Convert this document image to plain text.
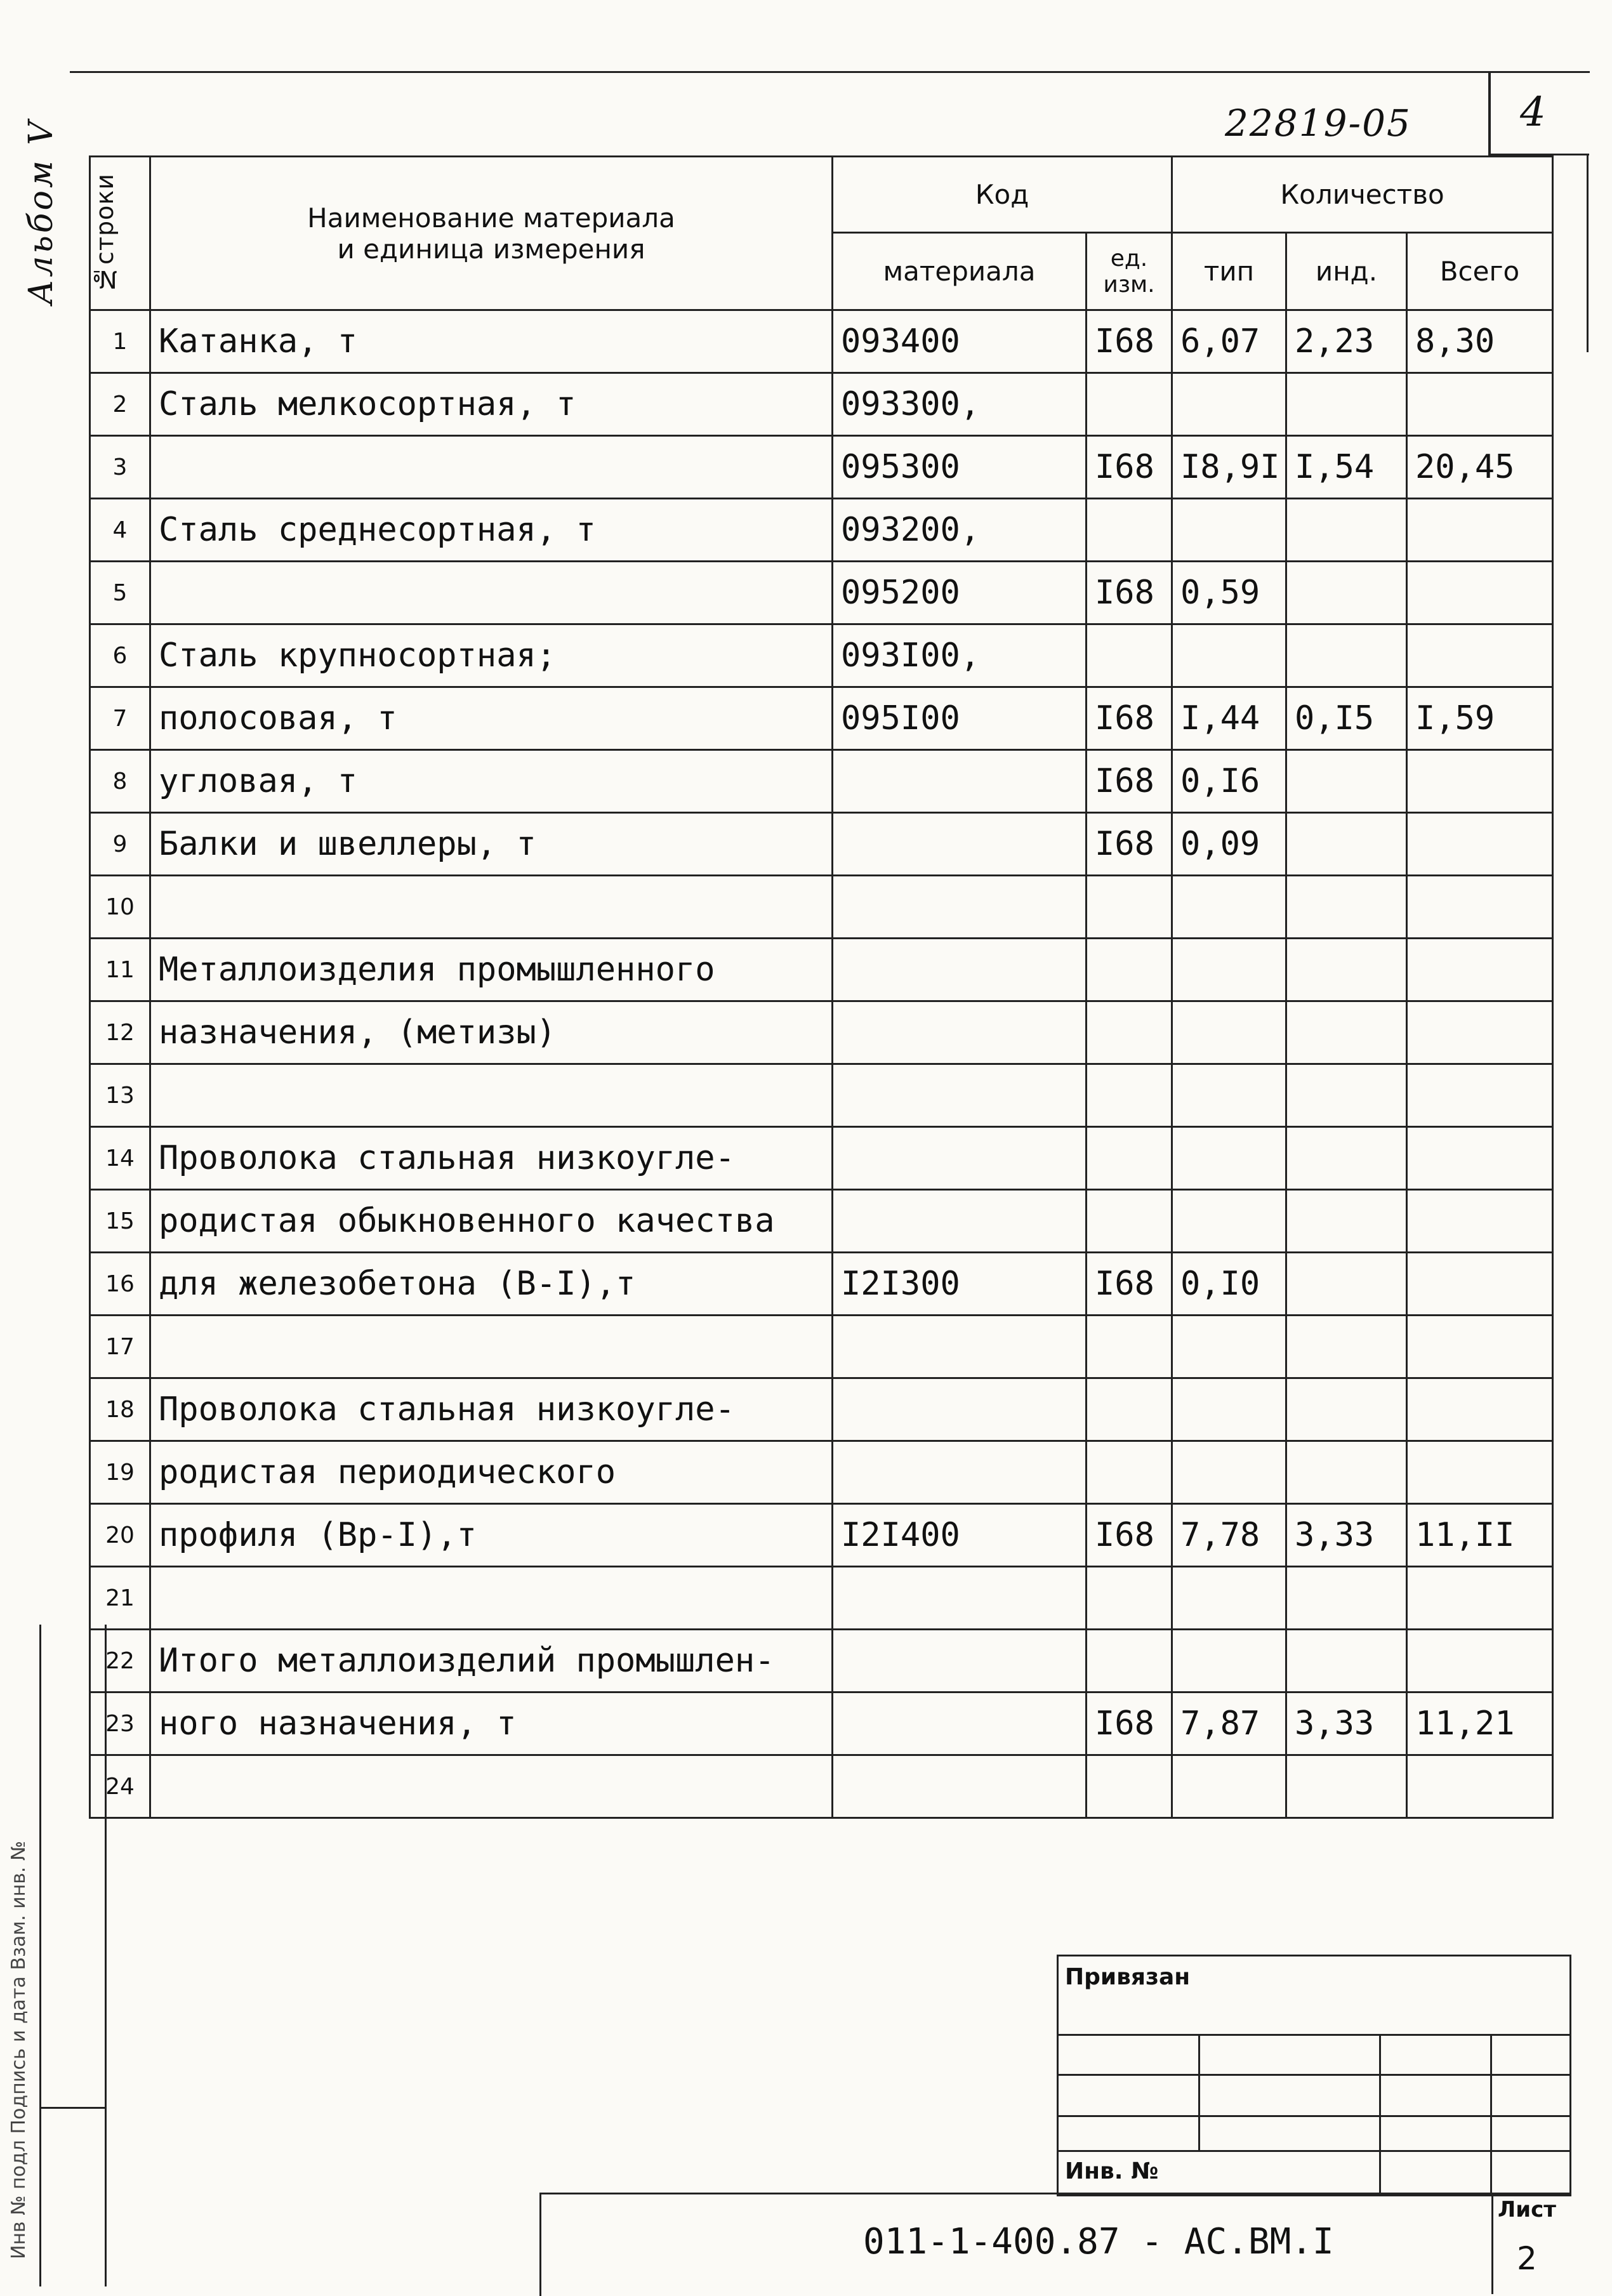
22819-05	4
Альбом V №строки	Наименование материала
и единица измерения	Код		Количество		
		материала	ед. изм.	тип	инд.	Всего
1	Катанка, т	093400	I68	6,07	2,23	8,30
2	Сталь мелкосортная, т	093300,				
3		095300	I68	I8,9I	I,54	20,45
4	Сталь среднесортная, т	093200,				
5		095200	I68	0,59		
6	Сталь крупносортная;	093I00,				
7	полосовая, т	095I00	I68	I,44	0,I5	I,59
8	угловая, т		I68	0,I6		
9	Балки и швеллеры, т		I68	0,09		
10						
11	Металлоизделия промышленного					
12	назначения, (метизы)					
13						
14	Проволока стальная низкоугле-					
15	родистая обыкновенного качества					
16	для железобетона (В-I),т	I2I300	I68	0,I0		
17						
18	Проволока стальная низкоугле-					
19	родистая периодического					
20	профиля (Вр-I),т	I2I400	I68	7,78	3,33	11,II
21						
22	Итого металлоизделий промышлен-					
23	ного назначения, т		I68	7,87	3,33	11,21
24						
Инв № подл Подпись и дата Взам. инв. №	Привязан
Инв. №
011-1-400.87 - АС.ВМ.I
Лист
2
